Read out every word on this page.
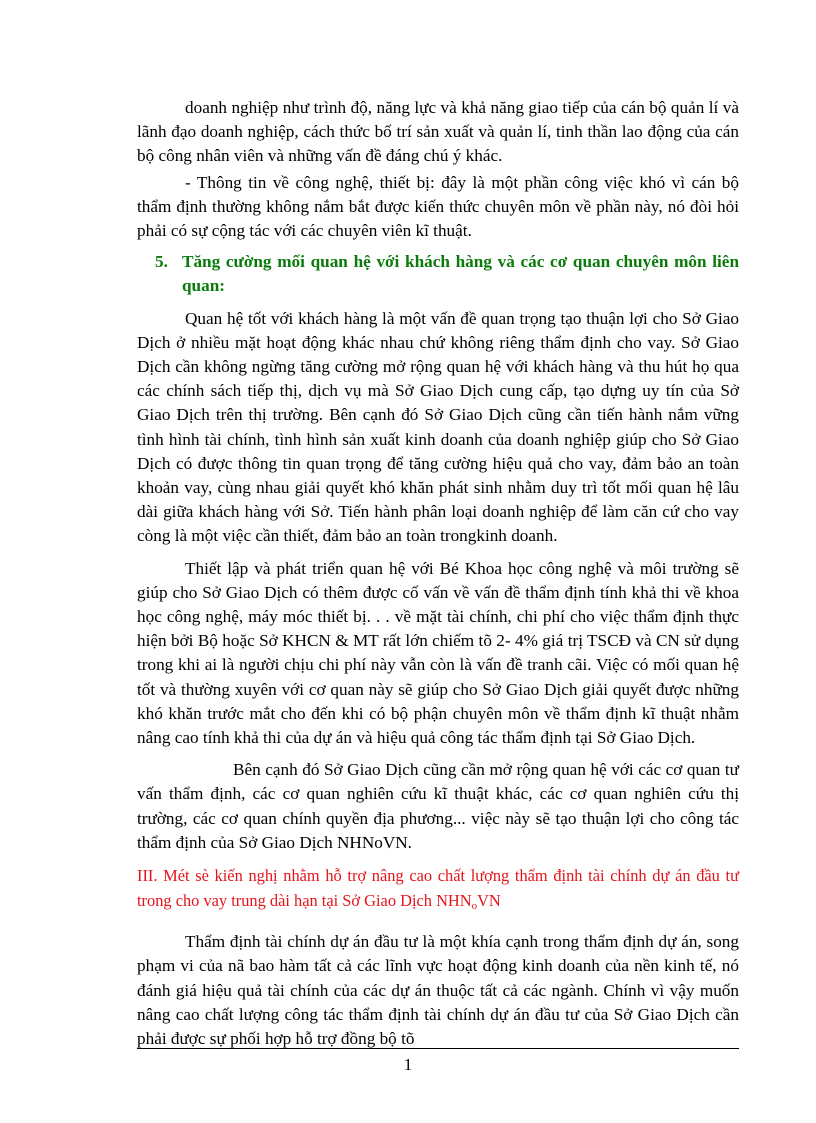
doanh nghiệp như trình độ, năng lực và khả năng giao tiếp của cán bộ quản lí và lãnh đạo doanh nghiệp, cách thức bố trí sản xuất và quản lí, tinh thần lao động của cán bộ công nhân viên và những vấn đề đáng chú ý khác.

- Thông tin về công nghệ, thiết bị: đây là một phần công việc khó vì cán bộ thẩm định thường không nắm bắt được kiến thức chuyên môn về phần này, nó đòi hỏi phải có sự cộng tác với các chuyên viên kĩ thuật.

5. Tăng cường mối quan hệ với khách hàng và các cơ quan chuyên môn liên quan:

Quan hệ tốt với khách hàng là một vấn đề quan trọng tạo thuận lợi cho Sở Giao Dịch ở nhiều mặt hoạt động khác nhau chứ không riêng thẩm định cho vay. Sở Giao Dịch cần không ngừng tăng cường mở rộng quan hệ với khách hàng và thu hút họ qua các chính sách tiếp thị, dịch vụ mà Sở Giao Dịch cung cấp, tạo dựng uy tín của Sở Giao Dịch trên thị trường. Bên cạnh đó Sở Giao Dịch cũng cần tiến hành nắm vững tình hình tài chính, tình hình sản xuất kinh doanh của doanh nghiệp giúp cho Sở Giao Dịch có được thông tin quan trọng để tăng cường hiệu quả cho vay, đảm bảo an toàn khoản vay, cùng nhau giải quyết khó khăn phát sinh nhằm duy trì tốt mối quan hệ lâu dài giữa khách hàng với Sở. Tiến hành phân loại doanh nghiệp để làm căn cứ cho vay còng là một việc cần thiết, đảm bảo an toàn trongkinh doanh.

Thiết lập và phát triển quan hệ với Bé Khoa học công nghệ và môi trường sẽ giúp cho Sở Giao Dịch có thêm được cố vấn về vấn đề thẩm định tính khả thi về khoa học công nghệ, máy móc thiết bị. . . về mặt tài chính, chi phí cho việc thẩm định thực hiện bởi Bộ hoặc Sở KHCN & MT rất lớn chiếm tõ 2- 4% giá trị TSCĐ và CN sử dụng trong khi ai là người chịu chi phí này vẫn còn là vấn đề tranh cãi. Việc có mối quan hệ tốt và thường xuyên với cơ quan này sẽ giúp cho Sở Giao Dịch giải quyết được những khó khăn trước mắt cho đến khi có bộ phận chuyên môn về thẩm định kĩ thuật nhằm nâng cao tính khả thi của dự án và hiệu quả công tác thẩm định tại Sở Giao Dịch.

Bên cạnh đó Sở Giao Dịch cũng cần mở rộng quan hệ với các cơ quan tư vấn thẩm định, các cơ quan nghiên cứu kĩ thuật khác, các cơ quan nghiên cứu thị trường, các cơ quan chính quyền địa phương... việc này sẽ tạo thuận lợi cho công tác thẩm định của Sở Giao Dịch NHNoVN.

III. Mét sè kiến nghị nhằm hỗ trợ nâng cao chất lượng thẩm định tài chính dự án đầu tư trong cho vay trung dài hạn tại Sở Giao Dịch $NHN_oVN$

Thẩm định tài chính dự án đầu tư là một khía cạnh trong thẩm định dự án, song phạm vi của nã bao hàm tất cả các lĩnh vực hoạt động kinh doanh của nền kinh tế, nó đánh giá hiệu quả tài chính của các dự án thuộc tất cả các ngành. Chính vì vậy muốn nâng cao chất lượng công tác thẩm định tài chính dự án đầu tư của Sở Giao Dịch cần phải được sự phối hợp hỗ trợ đồng bộ tõ

1
